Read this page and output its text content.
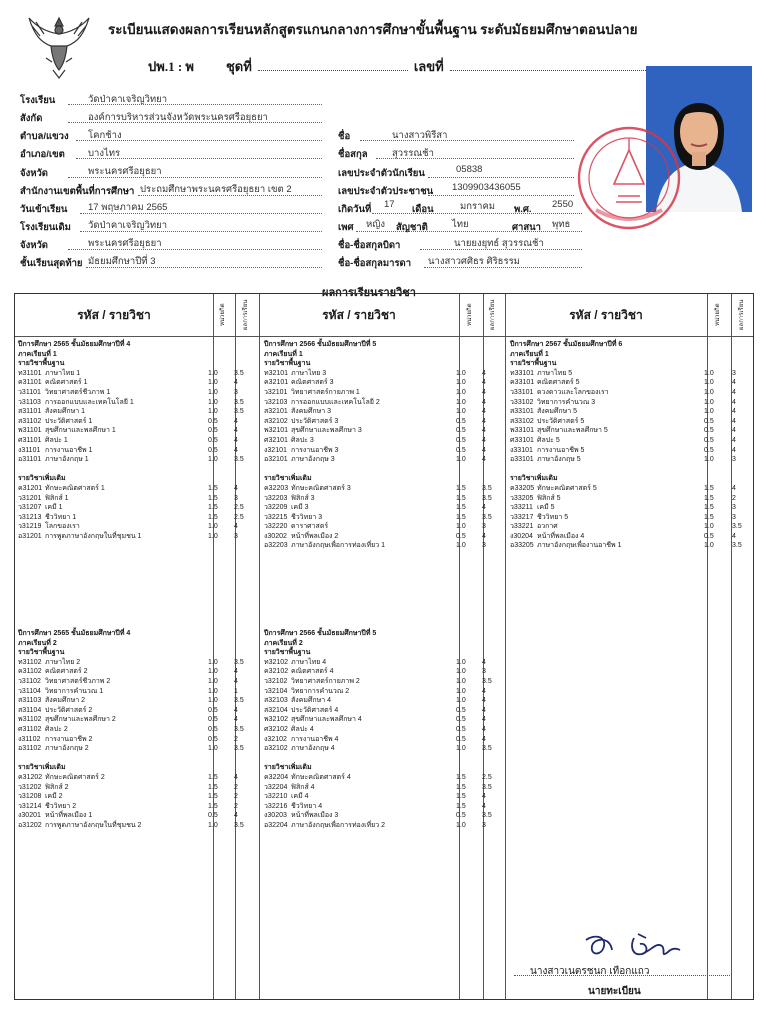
ระเบียนแสดงผลการเรียนหลักสูตรแกนกลางการศึกษาขั้นพื้นฐาน ระดับมัธยมศึกษาตอนปลาย
ปพ.1 : พ ชุดที่	เลขที่
โรงเรียน	วัดป่าคาเจริญวิทยา
สังกัด	องค์การบริหารส่วนจังหวัดพระนครศรีอยุธยา
ตำบล/แขวง โคกช้าง
อำเภอ/เขต บางไทร
จังหวัด	พระนครศรีอยุธยา
สำนักงานเขตพื้นที่การศึกษา ประถมศึกษาพระนครศรีอยุธยา เขต 2
วันเข้าเรียน 17 พฤษภาคม 2565
โรงเรียนเดิม วัดป่าคาเจริญวิทยา
จังหวัด	พระนครศรีอยุธยา
ชั้นเรียนสุดท้าย มัธยมศึกษาปีที่ 3
ชื่อ	นางสาวพิรีสา
ชื่อสกุล	สุวรรณช้า
เลขประจำตัวนักเรียน	05838
เลขประจำตัวประชาชน 1309903436055
เกิดวันที่ 17 เดือน	มกราคม พ.ศ. 2550
เพศ หญิง สัญชาติ	ไทย	ศาสนา พุทธ
ชื่อ-ชื่อสกุลบิดา	นายยงยุทธ์ สุวรรณช้า
ชื่อ-ชื่อสกุลมารดา นางสาวศศิธร ศิริธรรม
ผลการเรียนรายวิชา
รหัส / รายวิชา	หน่วยกิต	ผลการเรียน	รหัส / รายวิชา	หน่วยกิต	ผลการเรียน	รหัส / รายวิชา	หน่วยกิต	ผลการเรียน
ปีการศึกษา 2565 ชั้นมัธยมศึกษาปีที่ 4
ภาคเรียนที่ 1
รายวิชาพื้นฐาน
ท31101 ภาษาไทย 1	1.0 3.5
ค31101 คณิตศาสตร์ 1	1.0 4
ว31101 วิทยาศาสตร์ชีวภาพ 1	1.0 3
ว31103 การออกแบบและเทคโนโลยี 1	1.0 3.5
ส31101 สังคมศึกษา 1	1.0 3.5
ส31102 ประวัติศาสตร์ 1	0.5 4
พ31101 สุขศึกษาและพลศึกษา 1	0.5 4
ศ31101 ศิลปะ 1	0.5 4
ง31101 การงานอาชีพ 1	0.5 4
อ31101 ภาษาอังกฤษ 1	1.0 3.5
รายวิชาเพิ่มเติม
ค31201 ทักษะคณิตศาสตร์ 1	1.5 4
ว31201 ฟิสิกส์ 1	1.5 3
ว31207 เคมี 1	1.5 2.5
ว31213 ชีววิทยา 1	1.5 2.5
ว31219 โลกของเรา	1.0 4
อ31201 การพูดภาษาอังกฤษในที่ชุมชน 1	1.0 3
ปีการศึกษา 2566 ชั้นมัธยมศึกษาปีที่ 5
ภาคเรียนที่ 1
รายวิชาพื้นฐาน
ท32101 ภาษาไทย 3	1.0 4
ค32101 คณิตศาสตร์ 3	1.0 4
ว32101 วิทยาศาสตร์กายภาพ 1	1.0 4
ว32103 การออกแบบและเทคโนโลยี 2	1.0 4
ส32101 สังคมศึกษา 3	1.0 4
ส32102 ประวัติศาสตร์ 3	0.5 4
พ32101 สุขศึกษาและพลศึกษา 3	0.5 4
ศ32101 ศิลปะ 3	0.5 4
ง32101 การงานอาชีพ 3	0.5 4
อ32101 ภาษาอังกฤษ 3	1.0 4
รายวิชาเพิ่มเติม
ค32203 ทักษะคณิตศาสตร์ 3	1.5 3.5
ว32203 ฟิสิกส์ 3	1.5 3.5
ว32209 เคมี 3	1.5 4
ว32215 ชีววิทยา 3	1.5 3.5
ว32220 ดาราศาสตร์	1.0 3
ง30202 หน้าที่พลเมือง 2	0.5 4
อ32203 ภาษาอังกฤษเพื่อการท่องเที่ยว 1	1.0 3
ปีการศึกษา 2567 ชั้นมัธยมศึกษาปีที่ 6
ภาคเรียนที่ 1
รายวิชาพื้นฐาน
ท33101 ภาษาไทย 5	1.0	3
ค33101 คณิตศาสตร์ 5	1.0	4
ว33101 ดวงดาวและโลกของเรา	1.0	4
ว33102 วิทยาการคำนวณ 3	1.0	4
ส33101 สังคมศึกษา 5	1.0	4
ส33102 ประวัติศาสตร์ 5	0.5	4
พ33101 สุขศึกษาและพลศึกษา 5	0.5	4
ศ33101 ศิลปะ 5	0.5	4
ง33101 การงานอาชีพ 5	0.5	4
อ33101 ภาษาอังกฤษ 5	1.0	3
รายวิชาเพิ่มเติม
ค33205 ทักษะคณิตศาสตร์ 5	1.5	4
ว33205 ฟิสิกส์ 5	1.5	2
ว33211 เคมี 5	1.5	3
ว33217 ชีววิทยา 5	1.5	3
ว33221 อวกาศ	1.0	3.5
ง30204 หน้าที่พลเมือง 4	0.5	4
อ33205 ภาษาอังกฤษเพื่องานอาชีพ 1	1.0	3.5
ปีการศึกษา 2565 ชั้นมัธยมศึกษาปีที่ 4
ภาคเรียนที่ 2
รายวิชาพื้นฐาน
ท31102 ภาษาไทย 2	1.0 3.5
ค31102 คณิตศาสตร์ 2	1.0 4
ว31102 วิทยาศาสตร์ชีวภาพ 2	1.0 4
ว31104 วิทยาการคำนวณ 1	1.0 1
ส31103 สังคมศึกษา 2	1.0 3.5
ส31104 ประวัติศาสตร์ 2	0.5 4
พ31102 สุขศึกษาและพลศึกษา 2	0.5 4
ศ31102 ศิลปะ 2	0.5 3.5
ง31102 การงานอาชีพ 2	0.5 2
อ31102 ภาษาอังกฤษ 2	1.0 3.5
รายวิชาเพิ่มเติม
ค31202 ทักษะคณิตศาสตร์ 2	1.5 4
ว31202 ฟิสิกส์ 2	1.5 2
ว31208 เคมี 2	1.5 2
ว31214 ชีววิทยา 2	1.5 2
ง30201 หน้าที่พลเมือง 1	0.5 4
อ31202 การพูดภาษาอังกฤษในที่ชุมชน 2	1.0 3.5
ปีการศึกษา 2566 ชั้นมัธยมศึกษาปีที่ 5
ภาคเรียนที่ 2
รายวิชาพื้นฐาน
ท32102 ภาษาไทย 4	1.0 4
ค32102 คณิตศาสตร์ 4	1.0 3
ว32102 วิทยาศาสตร์กายภาพ 2	1.0 3.5
ว32104 วิทยาการคำนวณ 2	1.0 4
ส32103 สังคมศึกษา 4	1.0 4
ส32104 ประวัติศาสตร์ 4	0.5 4
พ32102 สุขศึกษาและพลศึกษา 4	0.5 4
ศ32102 ศิลปะ 4	0.5 4
ง32102 การงานอาชีพ 4	0.5 4
อ32102 ภาษาอังกฤษ 4	1.0 3.5
รายวิชาเพิ่มเติม
ค32204 ทักษะคณิตศาสตร์ 4	1.5 2.5
ว32204 ฟิสิกส์ 4	1.5 3.5
ว32210 เคมี 4	1.5 4
ว32216 ชีววิทยา 4	1.5 4
ง30203 หน้าที่พลเมือง 3	0.5 3.5
อ32204 ภาษาอังกฤษเพื่อการท่องเที่ยว 2	1.0 3
นางสาวเนตรชนก เทือกแถว
นายทะเบียน
